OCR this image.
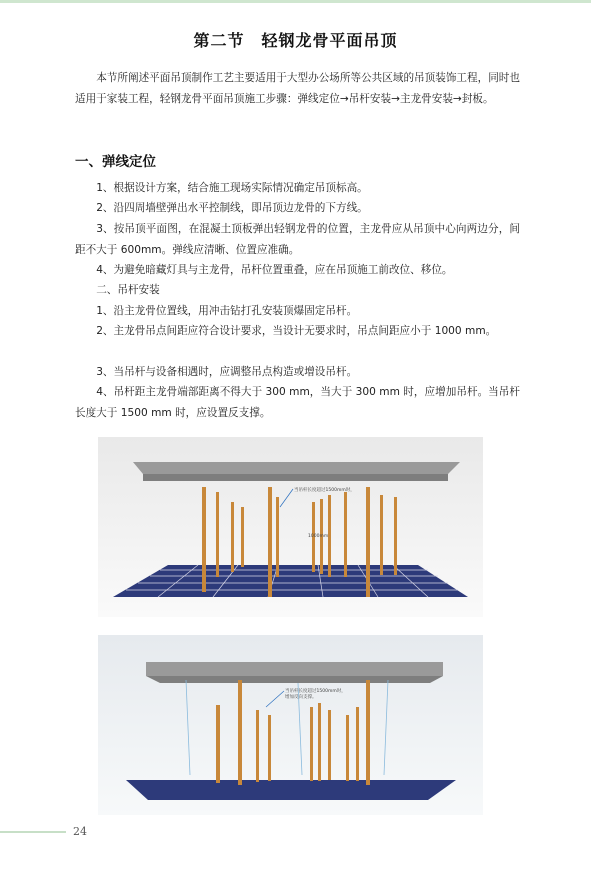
第二节　轻钢龙骨平面吊顶

本节所阐述平面吊顶制作工艺主要适用于大型办公场所等公共区域的吊顶装饰工程，同时也适用于家装工程，轻钢龙骨平面吊顶施工步骤：弹线定位→吊杆安装→主龙骨安装→封板。

一、弹线定位

1、根据设计方案，结合施工现场实际情况确定吊顶标高。

2、沿四周墙壁弹出水平控制线，即吊顶边龙骨的下方线。

3、按吊顶平面图，在混凝土顶板弹出轻钢龙骨的位置，主龙骨应从吊顶中心向两边分，间距不大于 600mm。弹线应清晰、位置应准确。

4、为避免暗藏灯具与主龙骨，吊杆位置重叠，应在吊顶施工前改位、移位。

二、吊杆安装

1、沿主龙骨位置线，用冲击钻打孔安装顶爆固定吊杆。

2、主龙骨吊点间距应符合设计要求，当设计无要求时，吊点间距应小于 1000 mm。

3、当吊杆与设备相遇时，应调整吊点构造或增设吊杆。

4、吊杆距主龙骨端部距离不得大于 300 mm，当大于 300 mm 时，应增加吊杆。当吊杆长度大于 1500 mm 时，应设置反支撑。

当吊杆长度超过1500mm时，
1000mm
当吊杆长度超过1500mm时，
增加反向支撑。
24
